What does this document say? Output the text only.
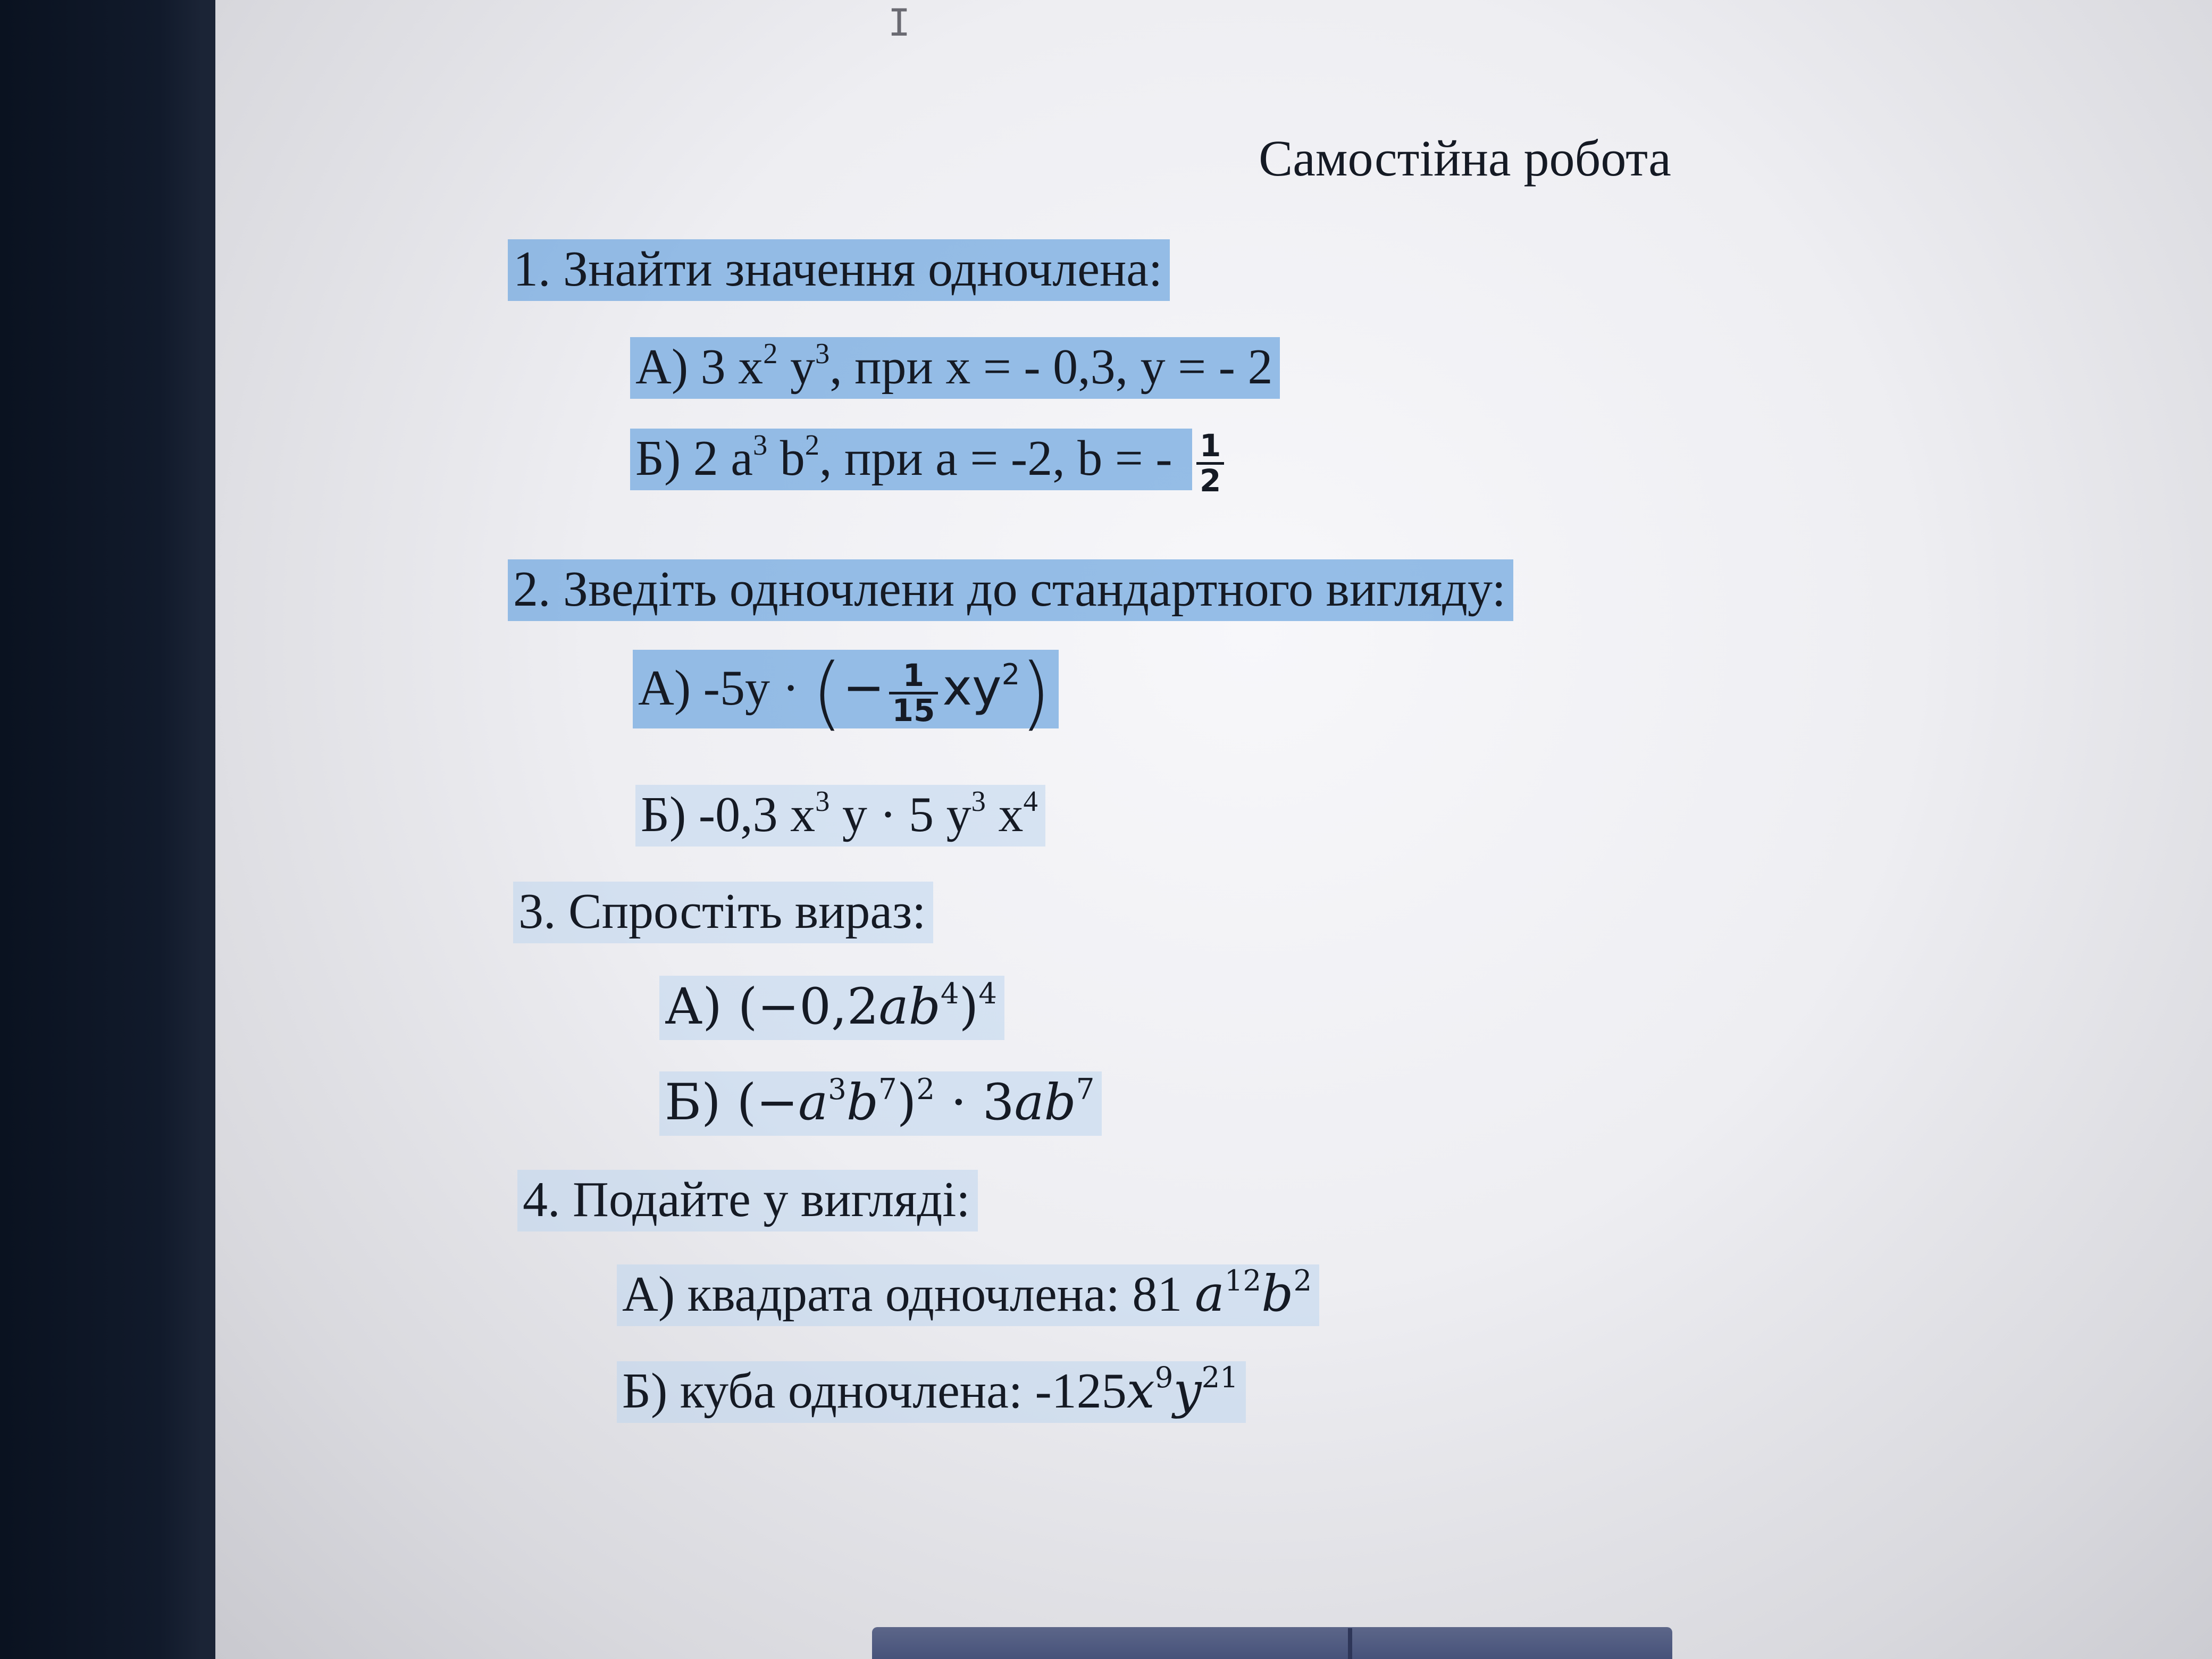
I
Самостійна робота
1. Знайти значення одночлена:
А) 3 $x^2$ $y^3$, при x = - 0,3, y = - 2
Б) 2 $a^3$ $b^2$, при a = -2, b = - $\frac{1}{2}$
2. Зведіть одночлени до стандартного вигляду:
А) -5y · (− $\frac{1}{15} xy^2$)
Б) -0,3 $x^3$ y · 5 $y^3$ $x^4$
3. Спростіть вираз:
А) $(-0,2ab^4)^4$
Б) $(-a^3b^7)^2 \cdot 3ab^7$
4. Подайте у вигляді:
А) квадрата одночлена: 81 $a^{12}b^2$
Б) куба одночлена: $-125x^9y^{21}$
